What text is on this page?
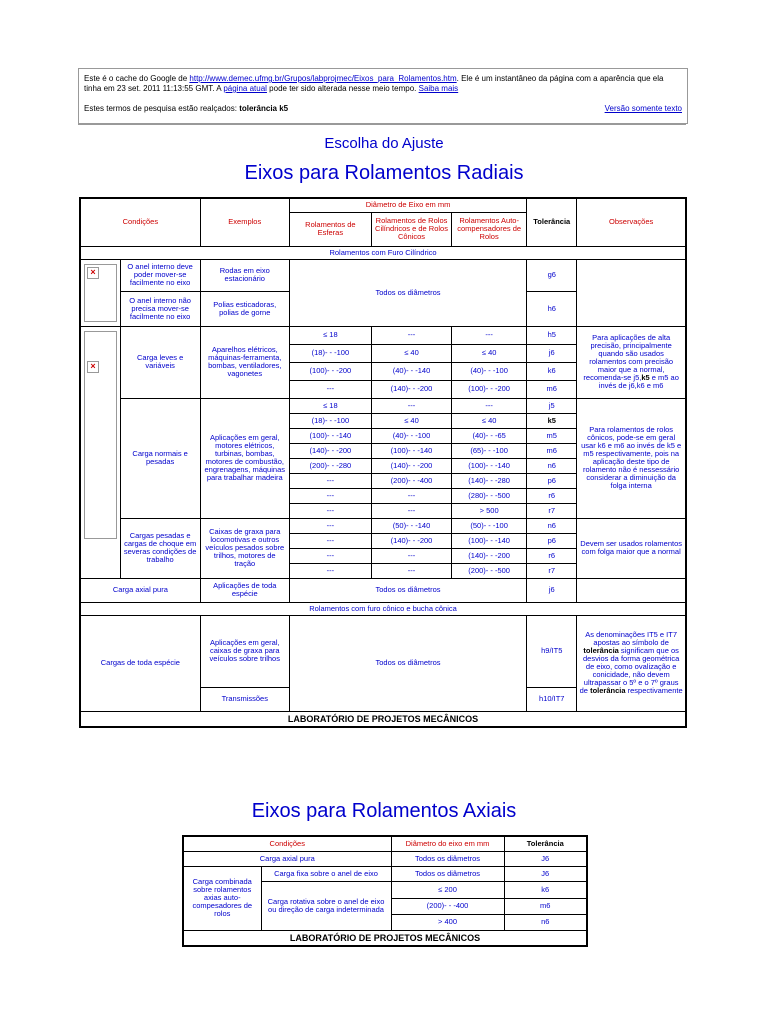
Este é o cache do Google de http://www.demec.ufmg.br/Grupos/labprojmec/Eixos_para_Rolamentos.htm. Ele é um instantâneo da página com a aparência que ela tinha em 23 set. 2011 11:13:55 GMT. A página atual pode ter sido alterada nesse meio tempo. Saiba mais
Estes termos de pesquisa estão realçados: tolerância k5	Versão somente texto
Escolha do Ajuste
Eixos para Rolamentos Radiais
Condições		Exemplos	Diâmetro de Eixo em mm			Tolerância	Observações
			Rolamentos de Esferas	Rolamentos de Rolos Cilíndricos e de Rolos Cônicos	Rolamentos Auto-compensadores de Rolos		
Rolamentos com Furo Cilíndrico							

×	O anel interno deve poder mover-se facilmente no eixo	Rodas em eixo estacionário	Todos os diâmetros			g6	
	O anel interno não precisa mover-se facilmente no eixo	Polias esticadoras, polias de gorne				h6	

×	Carga leves e variáveis	Aparelhos elétricos, máquinas-ferramenta, bombas, ventiladores, vagonetes	≤ 18	---	---	h5	Para aplicações de alta precisão, principalmente quando são usados rolamentos com precisão maior que a normal, recomenda-se j5,k5 e m5 ao invés de j6,k6 e m6
			(18)- - -100	≤ 40	≤ 40	j6	
			(100)- - -200	(40)- - -140	(40)- - -100	k6	
			---	(140)- - -200	(100)- - -200	m6	
	Carga normais e pesadas	Aplicações em geral, motores elétricos, turbinas, bombas, motores de combustão, engrenagens, máquinas para trabalhar madeira	≤ 18	---	---	j5	Para rolamentos de rolos cônicos, pode-se em geral usar k6 e m6 ao invés de k5 e m5 respectivamente, pois na aplicação deste tipo de rolamento não é nessessário considerar a diminuição da folga interna
			(18)- - -100	≤ 40	≤ 40	k5	
			(100)- - -140	(40)- - -100	(40)- - -65	m5	
			(140)- - -200	(100)- - -140	(65)- - -100	m6	
			(200)- - -280	(140)- - -200	(100)- - -140	n6	
			---	(200)- - -400	(140)- - -280	p6	
			---	---	(280)- - -500	r6	
			---	---	> 500	r7	
	Cargas pesadas e cargas de choque em severas condições de trabalho	Caixas de graxa para locomotivas e outros veículos pesados sobre trilhos, motores de tração	---	(50)- - -140	(50)- - -100	n6	Devem ser usados rolamentos com folga maior que a normal
			---	(140)- - -200	(100)- - -140	p6	
			---	---	(140)- - -200	r6	
			---	---	(200)- - -500	r7	
Carga axial pura		Aplicações de toda espécie	Todos os diâmetros			j6	
Rolamentos com furo cônico e bucha cônica							
Cargas de toda espécie		Aplicações em geral, caixas de graxa para veículos sobre trilhos	Todos os diâmetros			h9/IT5	As denominações IT5 e IT7 apostas ao símbolo de tolerância significam que os desvios da forma geométrica de eixo, como ovalização e conicidade, não devem ultrapassar o 5º e o 7º graus de tolerância respectivamente
		Transmissões				h10/IT7	
LABORATÓRIO DE PROJETOS MECÂNICOS							
Eixos para Rolamentos Axiais
Condições		Diâmetro do eixo em mm	Tolerância
Carga axial pura		Todos os diâmetros	J6
Carga combinada sobre rolamentos axias auto-compesadores de rolos	Carga fixa sobre o anel de eixo	Todos os diâmetros	J6
	Carga rotativa sobre o anel de eixo ou direção de carga indeterminada	≤ 200	k6
		(200)- - -400	m6
		> 400	n6
LABORATÓRIO DE PROJETOS MECÂNICOS			
